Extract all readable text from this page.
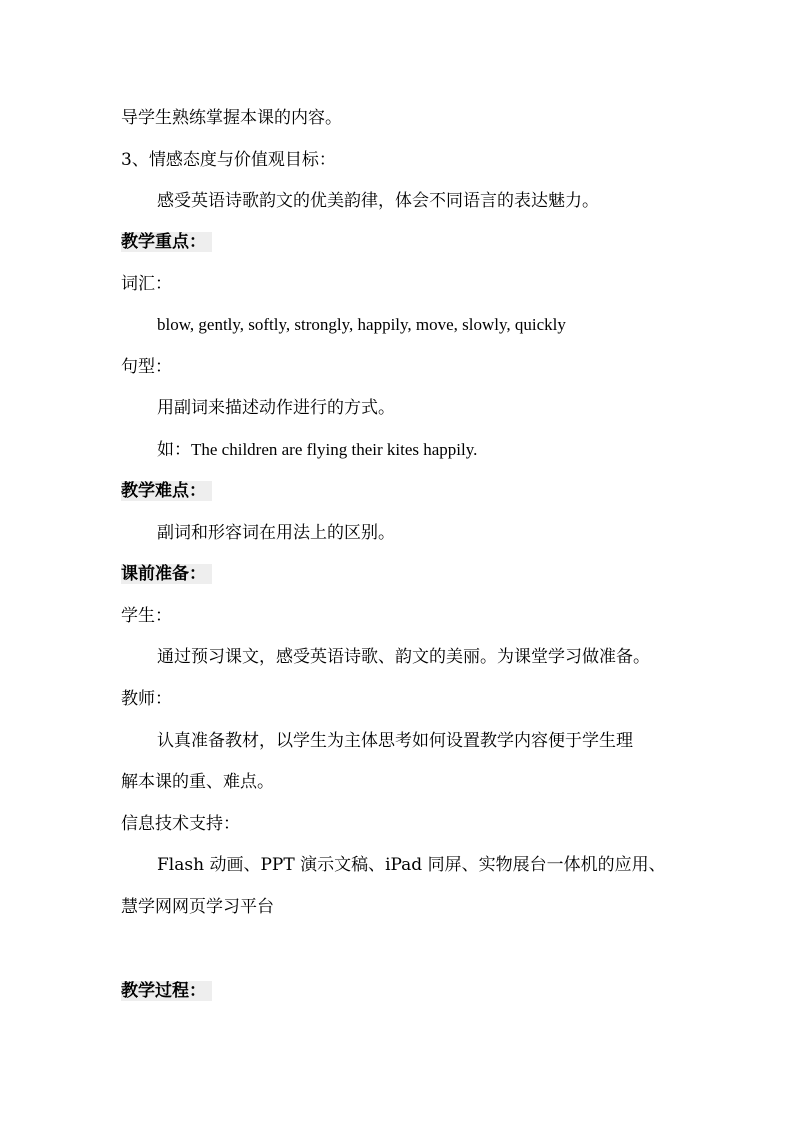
导学生熟练掌握本课的内容。

3、情感态度与价值观目标：

感受英语诗歌韵文的优美韵律，体会不同语言的表达魅力。

教学重点：

词汇：

blow, gently, softly, strongly, happily, move, slowly, quickly

句型：

用副词来描述动作进行的方式。

如：The children are flying their kites happily.

教学难点：

副词和形容词在用法上的区别。

课前准备：

学生：

通过预习课文，感受英语诗歌、韵文的美丽。为课堂学习做准备。

教师：

认真准备教材，以学生为主体思考如何设置教学内容便于学生理

解本课的重、难点。

信息技术支持：

Flash 动画、PPT 演示文稿、iPad 同屏、实物展台一体机的应用、

慧学网网页学习平台

教学过程：
